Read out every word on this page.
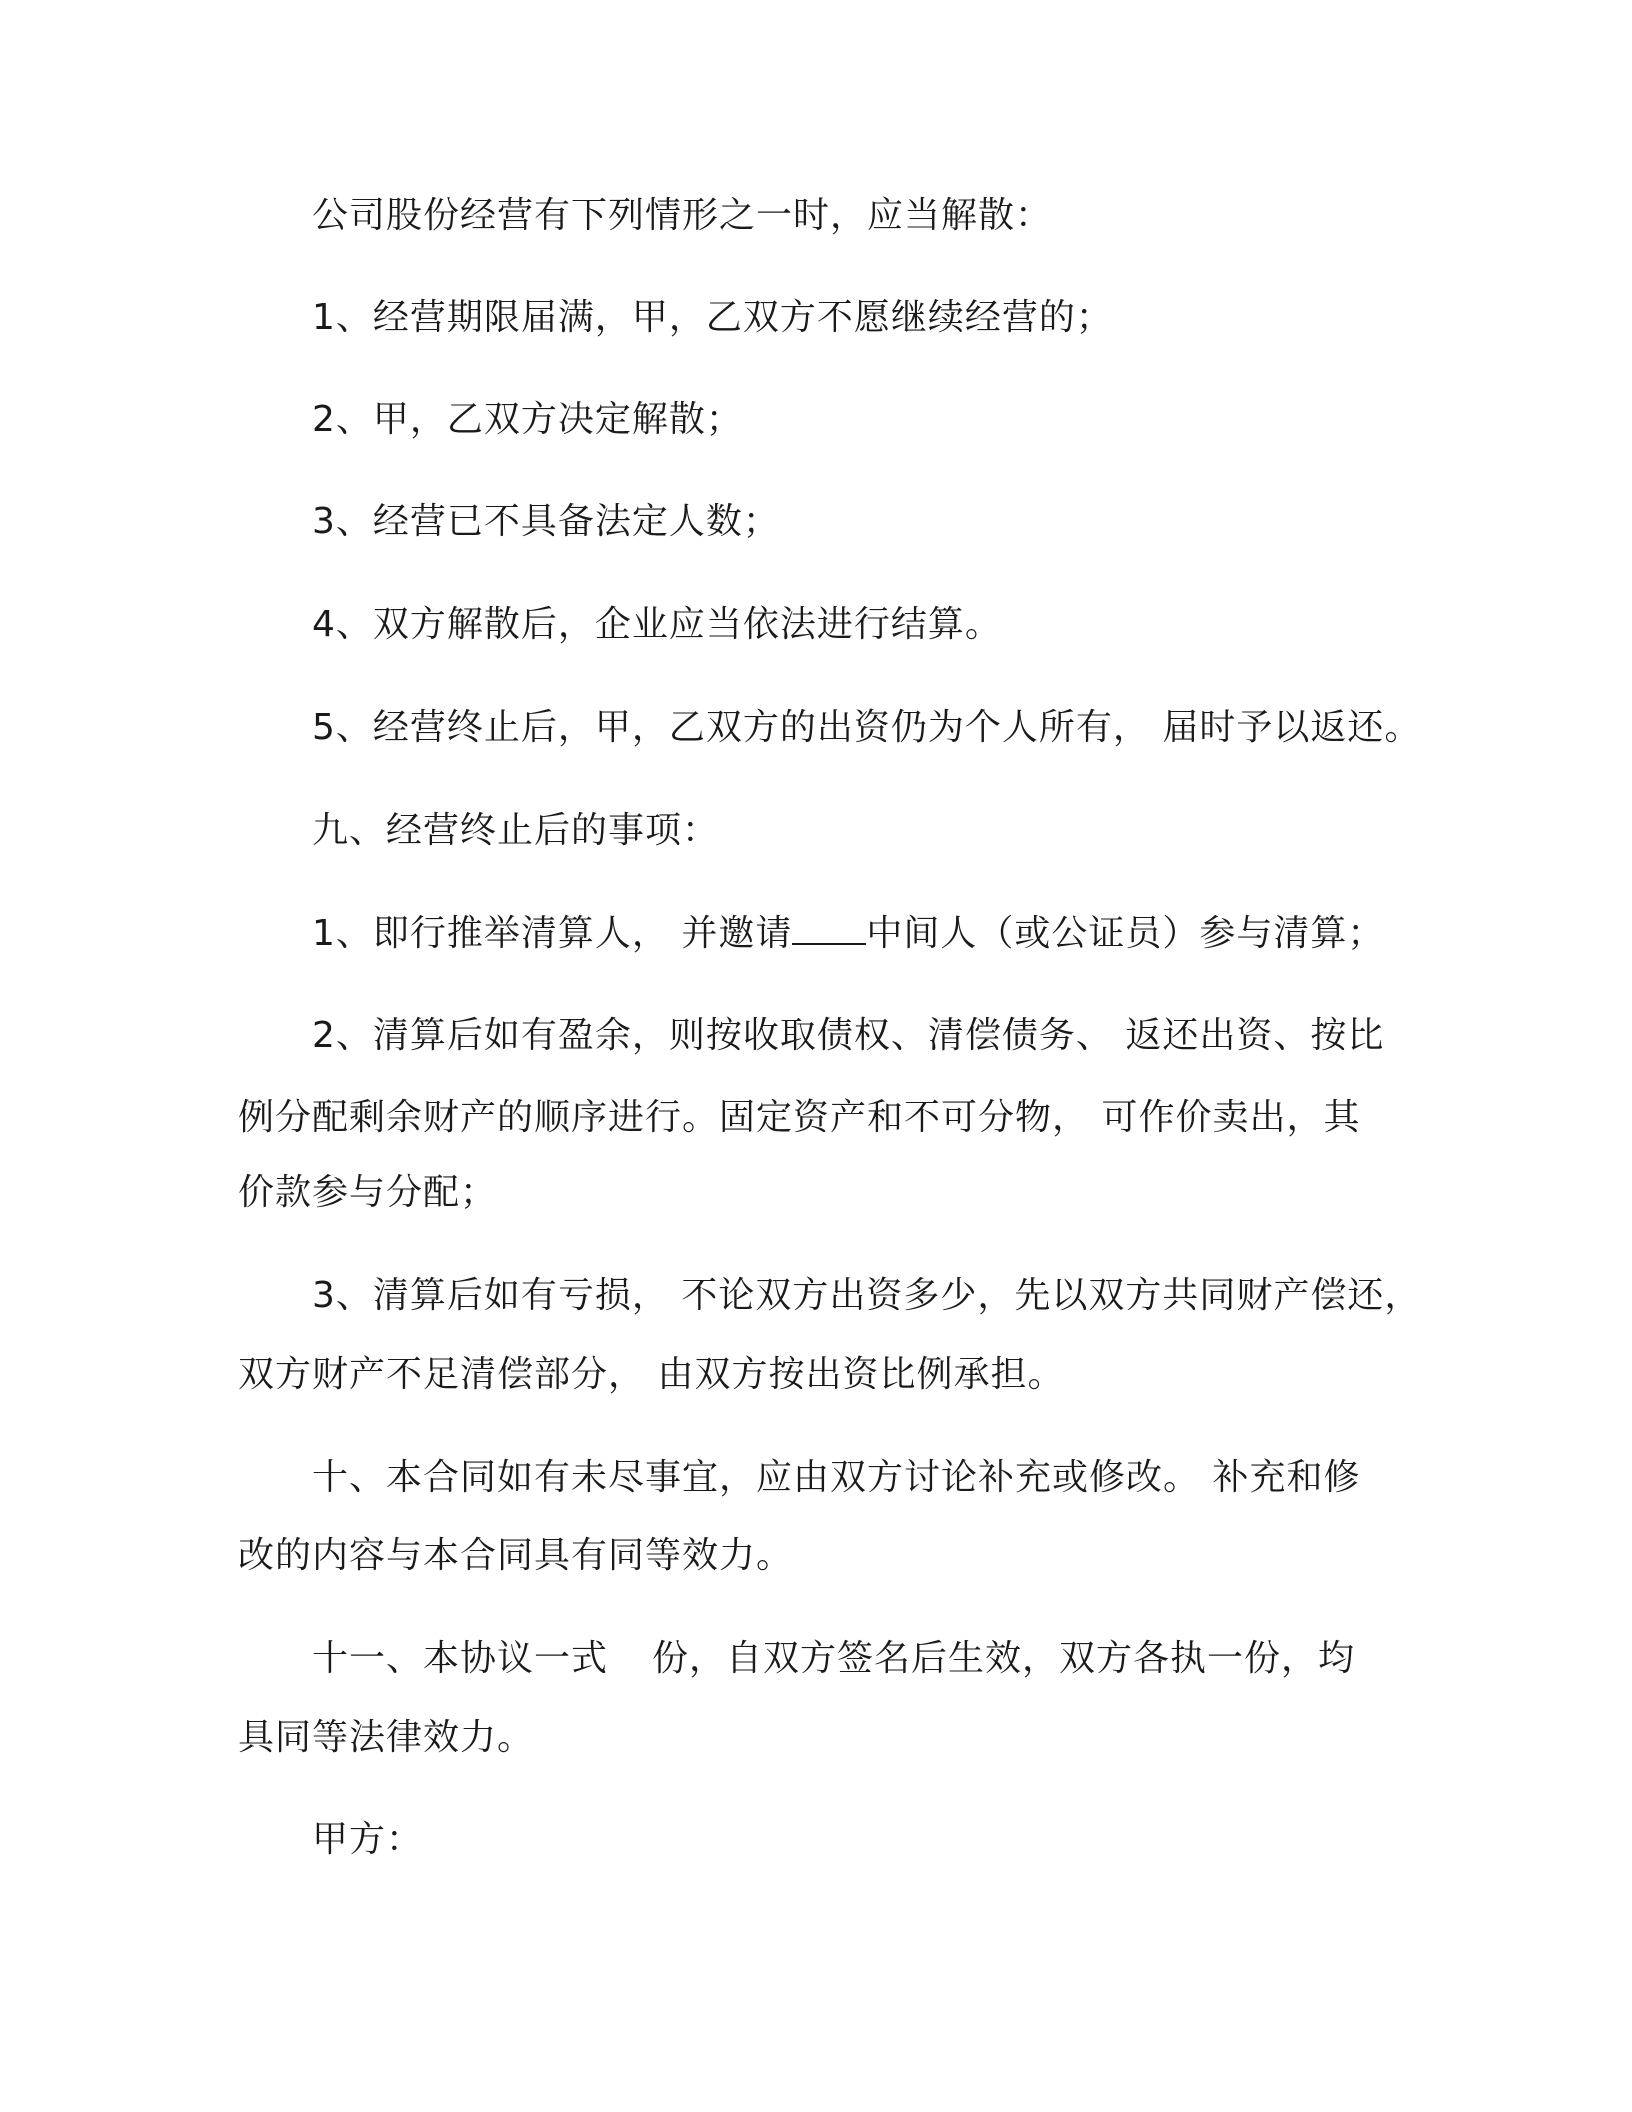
公司股份经营有下列情形之一时，应当解散：
1、经营期限届满，甲，乙双方不愿继续经营的；
2、甲，乙双方决定解散；
3、经营已不具备法定人数；
4、双方解散后，企业应当依法进行结算。
5、经营终止后，甲，乙双方的出资仍为个人所有， 届时予以返还。
九、经营终止后的事项：
1、即行推举清算人， 并邀请 中间人（或公证员）参与清算；
2、清算后如有盈余，则按收取债权、清偿债务、 返还出资、按比
例分配剩余财产的顺序进行。固定资产和不可分物， 可作价卖出，其
价款参与分配；
3、清算后如有亏损， 不论双方出资多少，先以双方共同财产偿还，
双方财产不足清偿部分， 由双方按出资比例承担。
十、本合同如有未尽事宜，应由双方讨论补充或修改。 补充和修
改的内容与本合同具有同等效力。
十一、本协议一式 份，自双方签名后生效，双方各执一份，均
具同等法律效力。
甲方：
